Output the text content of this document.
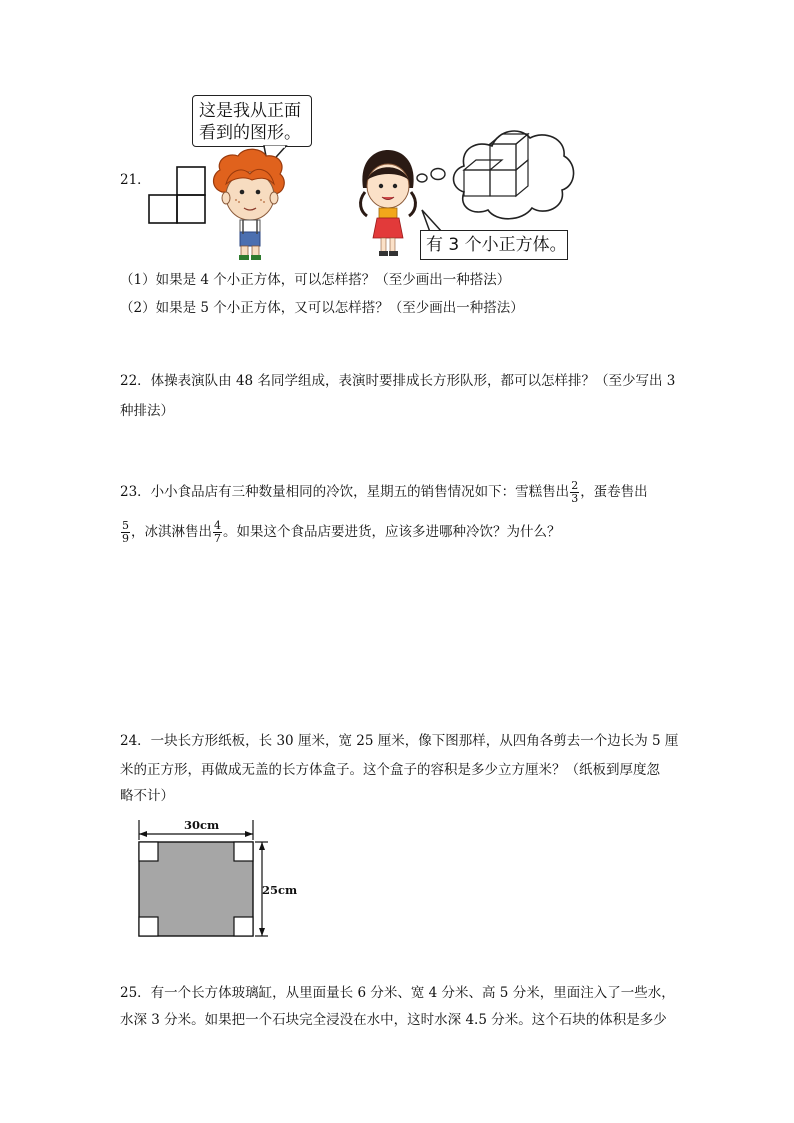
21．
这是我从正面
看到的图形。
有 3 个小正方体。
（1）如果是 4 个小正方体，可以怎样搭？（至少画出一种搭法）
（2）如果是 5 个小正方体，又可以怎样搭？（至少画出一种搭法）
22．体操表演队由 48 名同学组成，表演时要排成长方形队形，都可以怎样排？（至少写出 3
种排法）
23．小小食品店有三种数量相同的冷饮，星期五的销售情况如下：雪糕售出 $\frac{2}{3}$ ，蛋卷售出
$\frac{5}{9}$ ，冰淇淋售出 $\frac{4}{7}$ 。如果这个食品店要进货，应该多进哪种冷饮？为什么？
24．一块长方形纸板，长 30 厘米，宽 25 厘米，像下图那样，从四角各剪去一个边长为 5 厘
米的正方形，再做成无盖的长方体盒子。这个盒子的容积是多少立方厘米？（纸板到厚度忽
略不计）
30cm
25cm
25．有一个长方体玻璃缸，从里面量长 6 分米、宽 4 分米、高 5 分米，里面注入了一些水，
水深 3 分米。如果把一个石块完全浸没在水中，这时水深 4.5 分米。这个石块的体积是多少
